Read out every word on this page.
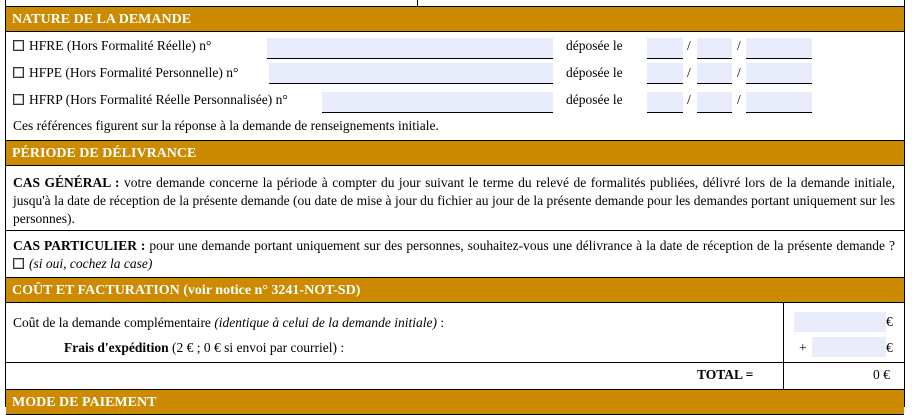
NATURE DE LA DEMANDE
HFRE (Hors Formalité Réelle) n°	déposée le	/	/
HFPE (Hors Formalité Personnelle) n°	déposée le	/	/
HFRP (Hors Formalité Réelle Personnalisée) n°	déposée le	/	/
Ces références figurent sur la réponse à la demande de renseignements initiale.
PÉRIODE DE DÉLIVRANCE
CAS GÉNÉRAL : votre demande concerne la période à compter du jour suivant le terme du relevé de formalités publiées, délivré lors de la demande initiale, jusqu'à la date de réception de la présente demande (ou date de mise à jour du fichier au jour de la présente demande pour les demandes portant uniquement sur les personnes).
CAS PARTICULIER : pour une demande portant uniquement sur des personnes, souhaitez-vous une délivrance à la date de réception de la présente demande ? (si oui, cochez la case)
COÛT ET FACTURATION (voir notice n° 3241-NOT-SD)
Coût de la demande complémentaire (identique à celui de la demande initiale) :	€
Frais d'expédition (2 € ; 0 € si envoi par courriel) :	+	€
TOTAL =	0 €
MODE DE PAIEMENT
